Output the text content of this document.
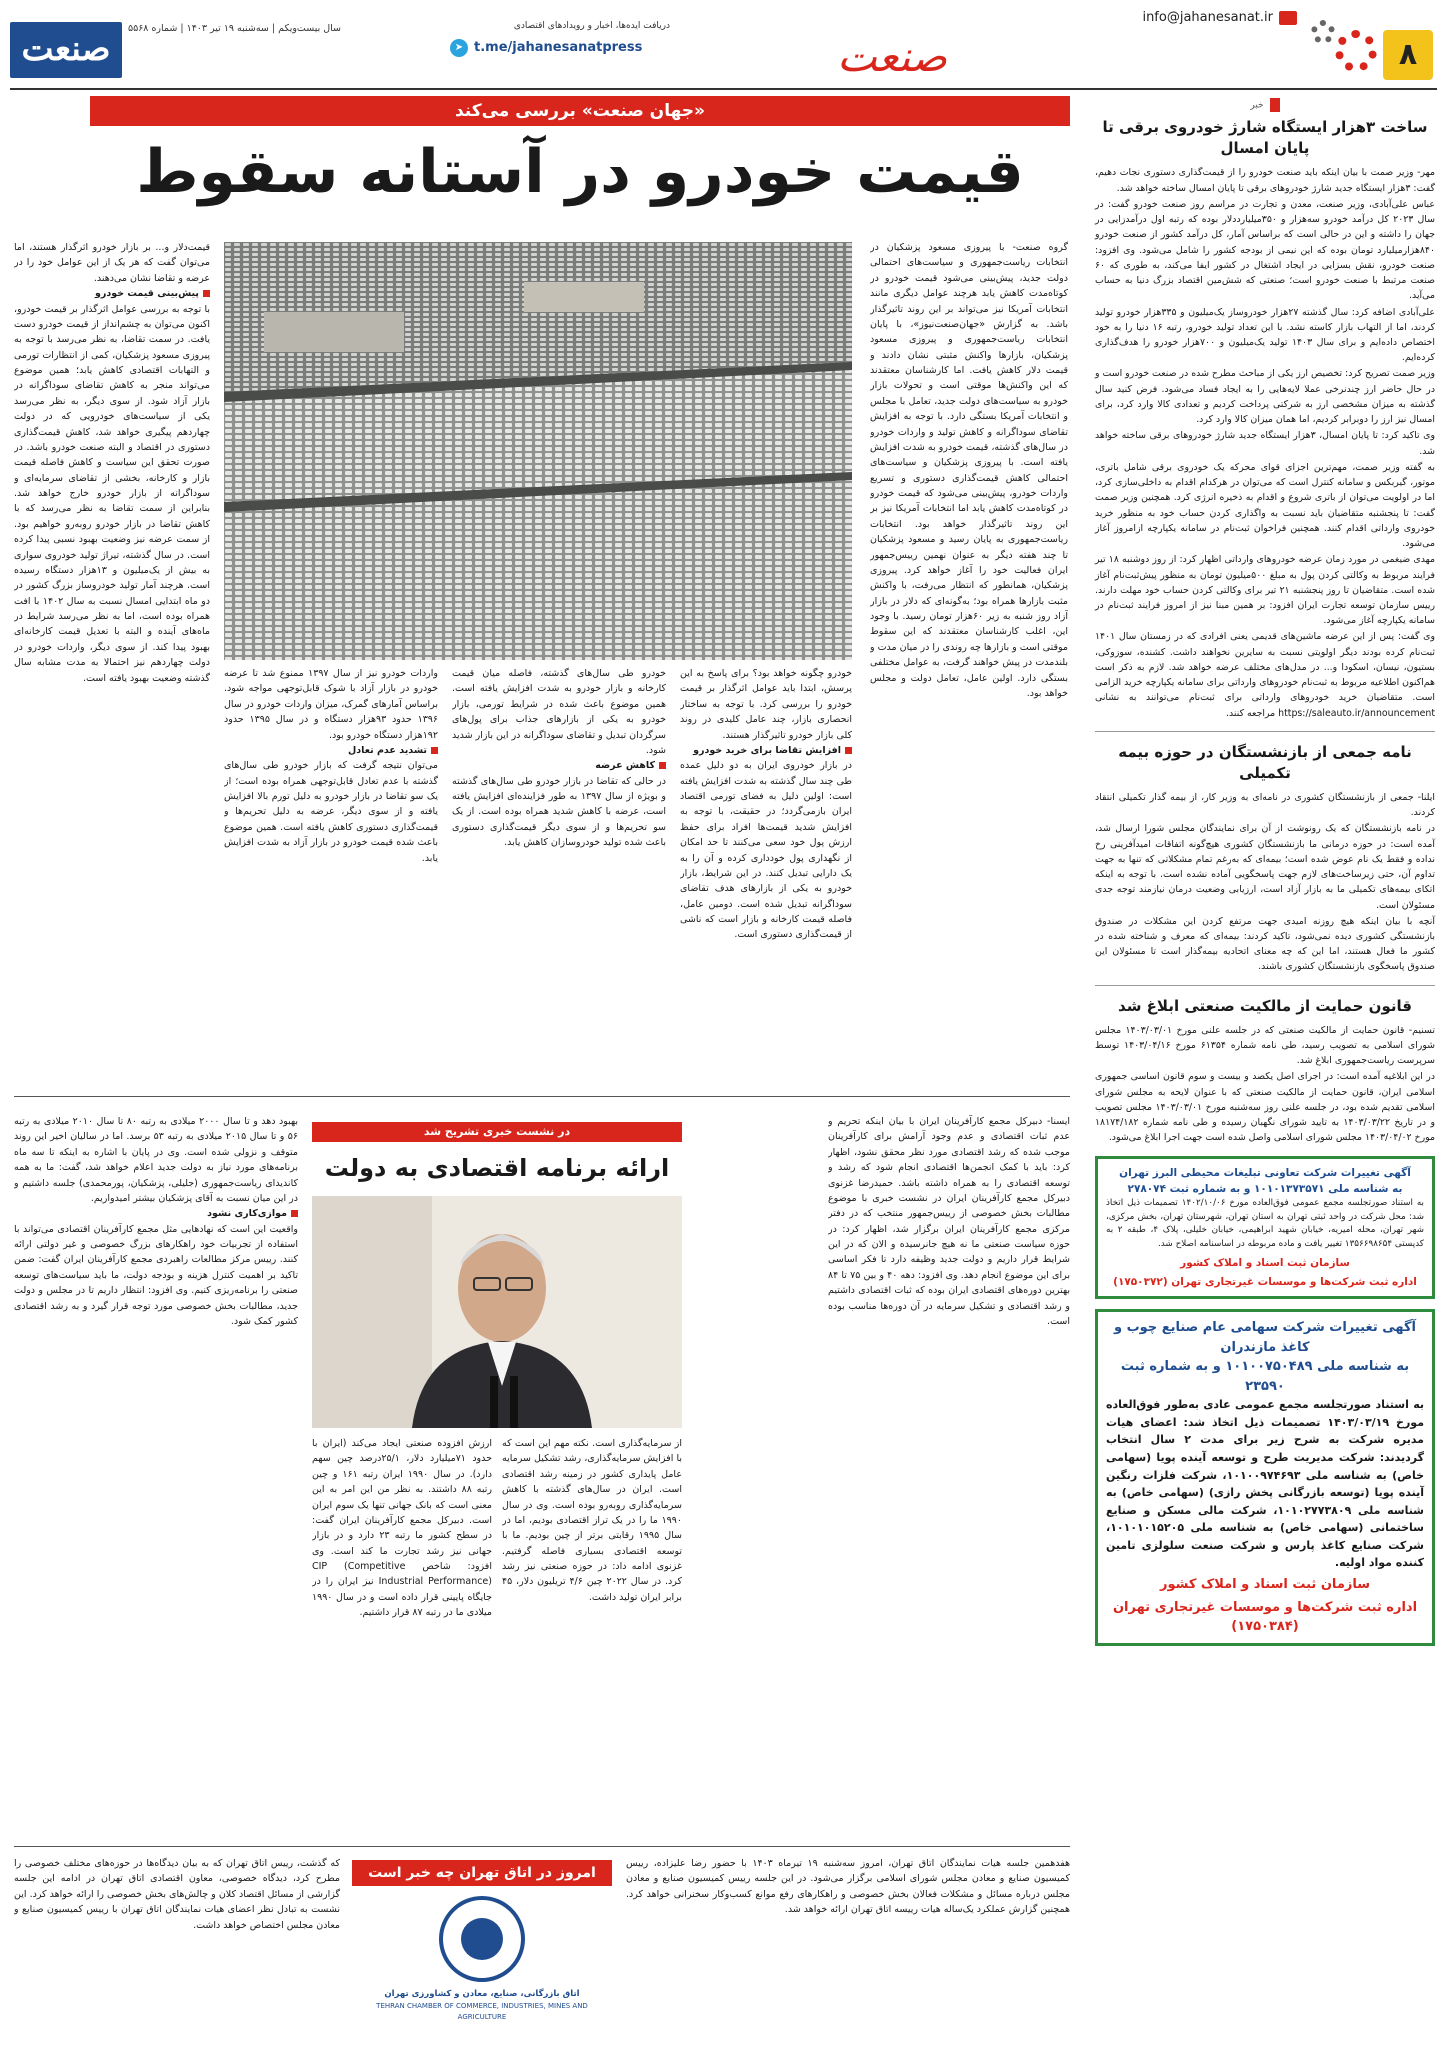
۸
info@jahanesanat.ir
صنعت
دریافت ایده‌ها، اخبار و رویدادهای اقتصادی
t.me/jahanesanatpress
➤
سال بیست‌ویکم | سه‌شنبه ۱۹ تیر ۱۴۰۳ | شماره ۵۵۶۸
صنعت
خبر
ساخت ۳هزار ایستگاه شارژ خودروی برقی تا پایان امسال

مهر- وزیر صمت با بیان اینکه باید صنعت خودرو را از قیمت‌گذاری دستوری نجات دهیم، گفت: ۳هزار ایستگاه جدید شارژ خودروهای برقی تا پایان امسال ساخته خواهد شد.

عباس علی‌آبادی، وزیر صنعت، معدن و تجارت در مراسم روز صنعت خودرو گفت: در سال ۲۰۲۳ کل درآمد خودرو سه‌هزار و ۳۵۰میلیارددلار بوده که رتبه اول درآمدزایی در جهان را داشته و این در حالی است که براساس آمار، کل درآمد کشور از صنعت خودرو ۸۴۰هزارمیلیارد تومان بوده که این نیمی از بودجه کشور را شامل می‌شود. وی افزود: صنعت خودرو، نقش بسزایی در ایجاد اشتغال در کشور ایفا می‌کند، به طوری که ۶۰ صنعت مرتبط با صنعت خودرو است؛ صنعتی که شش‌مین اقتصاد بزرگ دنیا به حساب می‌آید.

علی‌آبادی اضافه کرد: سال گذشته ۲۷هزار خودروساز یک‌میلیون و ۳۳۵هزار خودرو تولید کردند، اما از التهاب بازار کاسته نشد. با این تعداد تولید خودرو، رتبه ۱۶ دنیا را به خود اختصاص داده‌ایم و برای سال ۱۴۰۳ تولید یک‌میلیون و ۷۰۰هزار خودرو را هدف‌گذاری کرده‌ایم.

وزیر صمت تصریح کرد: تخصیص ارز یکی از مباحث مطرح شده در صنعت خودرو است و در حال حاضر ارز چندنرخی عملا لایه‌هایی را به ایجاد فساد می‌شود. فرض کنید سال گذشته به میزان مشخصی ارز به شرکتی پرداخت کردیم و تعدادی کالا وارد کرد، برای امسال نیز ارز را دوبرابر کردیم، اما همان میزان کالا وارد کرد.

وی تاکید کرد: تا پایان امسال، ۳هزار ایستگاه جدید شارژ خودروهای برقی ساخته خواهد شد.

به گفته وزیر صمت، مهم‌ترین اجزای قوای محرکه یک خودروی برقی شامل باتری، موتور، گیربکس و سامانه کنترل است که می‌توان در هرکدام اقدام به داخلی‌سازی کرد، اما در اولویت می‌توان از باتری شروع و اقدام به ذخیره انرژی کرد. همچنین وزیر صمت گفت: تا پنجشنبه متقاضیان باید نسبت به واگذاری کردن حساب خود به منظور خرید خودروی وارداتی اقدام کنند. همچنین فراخوان ثبت‌نام در سامانه یکپارچه ازامروز آغاز می‌شود.

مهدی ضیغمی در مورد زمان عرضه خودروهای وارداتی اظهار کرد: از روز دوشنبه ۱۸ تیر فرایند مربوط به وکالتی کردن پول به مبلغ ۵۰۰میلیون تومان به منظور پیش‌ثبت‌نام آغاز شده است. متقاضیان تا روز پنجشنبه ۲۱ تیر برای وکالتی کردن حساب خود مهلت دارند. رییس سازمان توسعه تجارت ایران افزود: بر همین مبنا نیز از امروز فرایند ثبت‌نام در سامانه یکپارچه آغاز می‌شود.

وی گفت: پس از این عرضه ماشین‌های قدیمی یعنی افرادی که در زمستان سال ۱۴۰۱ ثبت‌نام کرده بودند دیگر اولویتی نسبت به سایرین نخواهند داشت. کشنده، سوزوکی، بستیون، نیسان، اسکودا و... در مدل‌های مختلف عرضه خواهد شد. لازم به ذکر است هم‌اکنون اطلاعیه مربوط به ثبت‌نام خودروهای وارداتی برای سامانه یکپارچه خرید الزامی است. متقاضیان خرید خودروهای وارداتی برای ثبت‌نام می‌توانند به نشانی https://saleauto.ir/announcement مراجعه کنند.

نامه جمعی از بازنشستگان در حوزه بیمه تکمیلی

ایلنا- جمعی از بازنشستگان کشوری در نامه‌ای به وزیر کار، از بیمه گذار تکمیلی انتقاد کردند.

در نامه بازنشستگان که یک رونوشت از آن برای نمایندگان مجلس شورا ارسال شد، آمده است: در حوزه درمانی ما بازنشستگان کشوری هیچ‌گونه اتفاقات امیدآفرینی رخ نداده و فقط یک نام عوض شده است؛ بیمه‌ای که به‌رغم تمام مشکلاتی که تنها به جهت تداوم آن، حتی زیرساخت‌های لازم جهت پاسخگویی آماده نشده است. با توجه به اینکه اتکای بیمه‌های تکمیلی ما به بازار آزاد است، ارزیابی وضعیت درمان نیازمند توجه جدی مسئولان است.

آنچه با بیان اینکه هیچ روزنه امیدی جهت مرتفع کردن این مشکلات در صندوق بازنشستگی کشوری دیده نمی‌شود، تاکید کردند: بیمه‌ای که معرف و شناخته شده در کشور ما فعال هستند، اما این که چه معنای اتحادیه بیمه‌گذار است تا مسئولان این صندوق پاسخگوی بازنشستگان کشوری باشند.

قانون حمایت از مالکیت صنعتی ابلاغ شد

تسنیم- قانون حمایت از مالکیت صنعتی که در جلسه علنی مورخ ۱۴۰۳/۰۳/۰۱ مجلس شورای اسلامی به تصویب رسید، طی نامه شماره ۶۱۳۵۴ مورخ ۱۴۰۳/۰۴/۱۶ توسط سرپرست ریاست‌جمهوری ابلاغ شد.

در این ابلاغیه آمده است: در اجرای اصل یکصد و بیست و سوم قانون اساسی جمهوری اسلامی ایران، قانون حمایت از مالکیت صنعتی که با عنوان لایحه به مجلس شورای اسلامی تقدیم شده بود، در جلسه علنی روز سه‌شنبه مورخ ۱۴۰۳/۰۳/۰۱ مجلس تصویب و در تاریخ ۱۴۰۳/۰۳/۲۲ به تایید شورای نگهبان رسیده و طی نامه شماره ۱۸۱۷۴/۱۸۲ مورخ ۱۴۰۳/۰۴/۰۲ مجلس شورای اسلامی واصل شده است جهت اجرا ابلاغ می‌شود.

آگهی تغییرات شرکت تعاونی تبلیغات محیطی البرز تهران
به شناسه ملی ۱۰۱۰۱۳۷۳۵۷۱ و به شماره ثبت ۲۷۸۰۷۴
به استناد صورتجلسه مجمع عمومی فوق‌العاده مورخ ۱۴۰۲/۱۰/۰۶ تصمیمات ذیل اتخاذ شد: محل شرکت در واحد ثبتی تهران به استان تهران، شهرستان تهران، بخش مرکزی، شهر تهران، محله امیریه، خیابان شهید ابراهیمی، خیابان خلیلی، پلاک ۴، طبقه ۲ به کدپستی ۱۳۵۶۶۹۸۶۵۴ تغییر یافت و ماده مربوطه در اساسنامه اصلاح شد.
سازمان ثبت اسناد و املاک کشور
اداره ثبت شرکت‌ها و موسسات غیرتجاری تهران (۱۷۵۰۳۷۲)
آگهی تغییرات شرکت سهامی عام صنایع چوب و کاغذ مازندران
به شناسه ملی ۱۰۱۰۰۷۵۰۴۸۹ و به شماره ثبت ۲۳۵۹۰
به استناد صورتجلسه مجمع عمومی عادی به‌طور فوق‌العاده مورخ ۱۴۰۳/۰۳/۱۹ تصمیمات ذیل اتخاذ شد: اعضای هیات مدیره شرکت به شرح زیر برای مدت ۲ سال انتخاب گردیدند: شرکت مدیریت طرح و توسعه آینده پویا (سهامی خاص) به شناسه ملی ۱۰۱۰۰۹۷۴۶۹۳، شرکت فلزات رنگین آینده پویا (توسعه بازرگانی پخش رازی) (سهامی خاص) به شناسه ملی ۱۰۱۰۲۷۷۳۸۰۹، شرکت مالی مسکن و صنایع ساختمانی (سهامی خاص) به شناسه ملی ۱۰۱۰۱۰۱۵۲۰۵، شرکت صنایع کاغذ پارس و شرکت صنعت سلولزی تامین کننده مواد اولیه.
سازمان ثبت اسناد و املاک کشور
اداره ثبت شرکت‌ها و موسسات غیرتجاری تهران (۱۷۵۰۳۸۴)
«جهان صنعت» بررسی می‌کند
قیمت خودرو در آستانه سقوط
گروه صنعت- با پیروزی مسعود پزشکیان در انتخابات ریاست‌جمهوری و سیاست‌های احتمالی دولت جدید، پیش‌بینی می‌شود قیمت خودرو در کوتاه‌مدت کاهش یابد هرچند عوامل دیگری مانند انتخابات آمریکا نیز می‌تواند بر این روند تاثیرگذار باشد. به گزارش «جهان‌صنعت‌نیوز»، با پایان انتخابات ریاست‌جمهوری و پیروزی مسعود پزشکیان، بازارها واکنش مثبتی نشان دادند و قیمت دلار کاهش یافت. اما کارشناسان معتقدند که این واکنش‌ها موقتی است و تحولات بازار خودرو به سیاست‌های دولت جدید، تعامل با مجلس و انتخابات آمریکا بستگی دارد. با توجه به افزایش تقاضای سوداگرانه و کاهش تولید و واردات خودرو در سال‌های گذشته، قیمت خودرو به شدت افزایش یافته است. با پیروزی پزشکیان و سیاست‌های احتمالی کاهش قیمت‌گذاری دستوری و تسریع واردات خودرو، پیش‌بینی می‌شود که قیمت خودرو در کوتاه‌مدت کاهش یابد اما انتخابات آمریکا نیز بر این روند تاثیرگذار خواهد بود. انتخابات ریاست‌جمهوری به پایان رسید و مسعود پزشکیان تا چند هفته دیگر به عنوان نهمین رییس‌جمهور ایران فعالیت خود را آغاز خواهد کرد. پیروزی پزشکیان، همانطور که انتظار می‌رفت، با واکنش مثبت بازارها همراه بود؛ به‌گونه‌ای که دلار در بازار آزاد روز شنبه به زیر ۶۰هزار تومان رسید. با وجود این، اغلب کارشناسان معتقدند که این سقوط موقتی است و بازارها چه روندی را در میان مدت و بلندمدت در پیش خواهند گرفت، به عوامل مختلفی بستگی دارد. اولین عامل، تعامل دولت و مجلس خواهد بود.
خودرو چگونه خواهد بود؟ برای پاسخ به این پرسش، ابتدا باید عوامل اثرگذار بر قیمت خودرو را بررسی کرد. با توجه به ساختار انحصاری بازار، چند عامل کلیدی در روند کلی بازار خودرو تاثیرگذار هستند.
افزایش تقاضا برای خرید خودرو
در بازار خودروی ایران به دو دلیل عمده طی چند سال گذشته به شدت افزایش یافته است: اولین دلیل به فضای تورمی اقتصاد ایران بازمی‌گردد؛ در حقیقت، با توجه به افزایش شدید قیمت‌ها افراد برای حفظ ارزش پول خود سعی می‌کنند تا حد امکان از نگهداری پول خودداری کرده و آن را به یک دارایی تبدیل کنند. در این شرایط، بازار خودرو به یکی از بازارهای هدف تقاضای سوداگرانه تبدیل شده است. دومین عامل، فاصله قیمت کارخانه و بازار است که ناشی از قیمت‌گذاری دستوری است.
خودرو طی سال‌های گذشته، فاصله میان قیمت کارخانه و بازار خودرو به شدت افزایش یافته است. همین موضوع باعث شده در شرایط تورمی، بازار خودرو به یکی از بازارهای جذاب برای پول‌های سرگردان تبدیل و تقاضای سوداگرانه در این بازار شدید شود.
کاهش عرضه
در حالی که تقاضا در بازار خودرو طی سال‌های گذشته و بویژه از سال ۱۳۹۷ به طور فزاینده‌ای افزایش یافته است، عرضه با کاهش شدید همراه بوده است. از یک سو تحریم‌ها و از سوی دیگر قیمت‌گذاری دستوری باعث شده تولید خودروسازان کاهش یابد.
واردات خودرو نیز از سال ۱۳۹۷ ممنوع شد تا عرضه خودرو در بازار آزاد با شوک قابل‌توجهی مواجه شود. براساس آمارهای گمرک، میزان واردات خودرو در سال ۱۳۹۶ حدود ۹۳هزار دستگاه و در سال ۱۳۹۵ حدود ۱۹۲هزار دستگاه خودرو بود.
تشدید عدم تعادل
می‌توان نتیجه گرفت که بازار خودرو طی سال‌های گذشته با عدم تعادل قابل‌توجهی همراه بوده است؛ از یک سو تقاضا در بازار خودرو به دلیل تورم بالا افزایش یافته و از سوی دیگر، عرضه به دلیل تحریم‌ها و قیمت‌گذاری دستوری کاهش یافته است. همین موضوع باعث شده قیمت خودرو در بازار آزاد به شدت افزایش یابد.
قیمت‌دلار و... بر بازار خودرو اثرگذار هستند، اما می‌توان گفت که هر یک از این عوامل خود را در عرضه و تقاضا نشان می‌دهند.
پیش‌بینی قیمت خودرو
با توجه به بررسی عوامل اثرگذار بر قیمت خودرو، اکنون می‌توان به چشم‌انداز از قیمت خودرو دست یافت. در سمت تقاضا، به نظر می‌رسد با توجه به پیروزی مسعود پزشکیان، کمی از انتظارات تورمی و التهابات اقتصادی کاهش یابد؛ همین موضوع می‌تواند منجر به کاهش تقاضای سوداگرانه در بازار آزاد شود. از سوی دیگر، به نظر می‌رسد یکی از سیاست‌های خودرویی که در دولت چهاردهم پیگیری خواهد شد، کاهش قیمت‌گذاری دستوری در اقتصاد و البته صنعت خودرو باشد. در صورت تحقق این سیاست و کاهش فاصله قیمت بازار و کارخانه، بخشی از تقاضای سرمایه‌ای و سوداگرانه از بازار خودرو خارج خواهد شد. بنابراین از سمت تقاضا به نظر می‌رسد که با کاهش تقاضا در بازار خودرو روبه‌رو خواهیم بود. از سمت عرضه نیز وضعیت بهبود نسبی پیدا کرده است. در سال گذشته، تیراژ تولید خودروی سواری به بیش از یک‌میلیون و ۱۳هزار دستگاه رسیده است. هرچند آمار تولید خودروساز بزرگ کشور در دو ماه ابتدایی امسال نسبت به سال ۱۴۰۲ با افت همراه بوده است، اما به نظر می‌رسد شرایط در ماه‌های آینده و البته با تعدیل قیمت کارخانه‌ای بهبود پیدا کند. از سوی دیگر، واردات خودرو در دولت چهاردهم نیز احتمالا به مدت مشابه سال گذشته وضعیت بهبود یافته است.
در نشست خبری تشریح شد
ارائه برنامه اقتصادی به دولت
ایسنا- دبیرکل مجمع کارآفرینان ایران با بیان اینکه تحریم و عدم ثبات اقتصادی و عدم وجود آرامش برای کارآفرینان موجب شده که رشد اقتصادی مورد نظر محقق نشود، اظهار کرد: باید با کمک انجمن‌ها اقتصادی انجام شود که رشد و توسعه اقتصادی را به همراه داشته باشد. حمیدرضا غزنوی دبیرکل مجمع کارآفرینان ایران در نشست خبری با موضوع مطالبات بخش خصوصی از رییس‌جمهور منتخب که در دفتر مرکزی مجمع کارآفرینان ایران برگزار شد، اظهار کرد: در حوزه سیاست صنعتی ما نه هیچ جا‌نرسیده و الان که در این شرایط قرار داریم و دولت جدید وظیفه دارد تا فکر اساسی برای این موضوع انجام دهد. وی افزود: دهه ۴۰ و بین ۷۵ تا ۸۴ بهترین دوره‌های اقتصادی ایران بوده که ثبات اقتصادی داشتیم و رشد اقتصادی و تشکیل سرمایه در آن دوره‌ها مناسب بوده است.
از سرمایه‌گذاری است. نکته مهم این است که با افزایش سرمایه‌گذاری، رشد تشکیل سرمایه عامل پایداری کشور در زمینه رشد اقتصادی است. ایران در سال‌های گذشته با کاهش سرمایه‌گذاری روبه‌رو بوده است. وی در سال ۱۹۹۰ ما را در یک تراز اقتصادی بودیم، اما در سال ۱۹۹۵ رقابتی برتر از چین بودیم. ما با توسعه اقتصادی بسیاری فاصله گرفتیم. غزنوی ادامه داد: در حوزه صنعتی نیز رشد کرد. در سال ۲۰۲۲ چین ۴/۶ تریلیون دلار، ۴۵ برابر ایران تولید داشت.
ارزش افزوده صنعتی ایجاد می‌کند (ایران با حدود ۷۱میلیارد دلار، ۲۵/۱درصد چین سهم دارد). در سال ۱۹۹۰ ایران رتبه ۱۶۱ و چین رتبه ۸۸ داشتند. به نظر من این امر به این معنی است که بانک جهانی تنها یک سوم ایران است. دبیرکل مجمع کارآفرینان ایران گفت: در سطح کشور ما رتبه ۲۳ دارد و در بازار جهانی نیز رشد تجارت ما کند است. وی افزود: شاخص CIP (Competitive Industrial Performance) نیز ایران را در جایگاه پایینی قرار داده است و در سال ۱۹۹۰ میلادی ما در رتبه ۸۷ قرار داشتیم.
بهبود دهد و تا سال ۲۰۰۰ میلادی به رتبه ۸۰ تا سال ۲۰۱۰ میلادی به رتبه ۵۶ و تا سال ۲۰۱۵ میلادی به رتبه ۵۳ برسد. اما در سالیان اخیر این روند متوقف و نزولی شده است. وی در پایان با اشاره به اینکه تا سه ماه برنامه‌های مورد نیاز به دولت جدید اعلام خواهد شد، گفت: ما به همه کاندیدای ریاست‌جمهوری (جلیلی، پزشکیان، پورمحمدی) جلسه داشتیم و در این میان نسبت به آقای پزشکیان بیشتر امیدواریم.
موازی‌کاری نشود
واقعیت این است که نهادهایی مثل مجمع کارآفرینان اقتصادی می‌تواند با استفاده از تجربیات خود راهکارهای بزرگ خصوصی و غیر دولتی ارائه کنند. رییس مرکز مطالعات راهبردی مجمع کارآفرینان ایران گفت: ضمن تاکید بر اهمیت کنترل هزینه و بودجه دولت، ما باید سیاست‌های توسعه صنعتی را برنامه‌ریزی کنیم. وی افزود: انتظار داریم تا در مجلس و دولت جدید، مطالبات بخش خصوصی مورد توجه قرار گیرد و به رشد اقتصادی کشور کمک شود.
امروز در اتاق تهران چه خبر است
اتاق بازرگانی، صنایع، معادن و کشاورزی تهران
TEHRAN CHAMBER OF COMMERCE, INDUSTRIES, MINES AND AGRICULTURE
هفدهمین جلسه هیات نمایندگان اتاق تهران، امروز سه‌شنبه ۱۹ تیرماه ۱۴۰۳ با حضور رضا علیزاده، رییس کمیسیون صنایع و معادن مجلس شورای اسلامی برگزار می‌شود. در این جلسه رییس کمیسیون صنایع و معادن مجلس درباره مسائل و مشکلات فعالان بخش خصوصی و راهکارهای رفع موانع کسب‌وکار سخنرانی خواهد کرد. همچنین گزارش عملکرد یک‌ساله هیات رییسه اتاق تهران ارائه خواهد شد.
که گذشت، رییس اتاق تهران که به بیان دیدگاه‌ها در حوزه‌های مختلف خصوصی را مطرح کرد، دیدگاه خصوصی، معاون اقتصادی اتاق تهران در ادامه این جلسه گزارشی از مسائل اقتصاد کلان و چالش‌های بخش خصوصی را ارائه خواهد کرد. این نشست به تبادل نظر اعضای هیات نمایندگان اتاق تهران با رییس کمیسیون صنایع و معادن مجلس اختصاص خواهد داشت.
